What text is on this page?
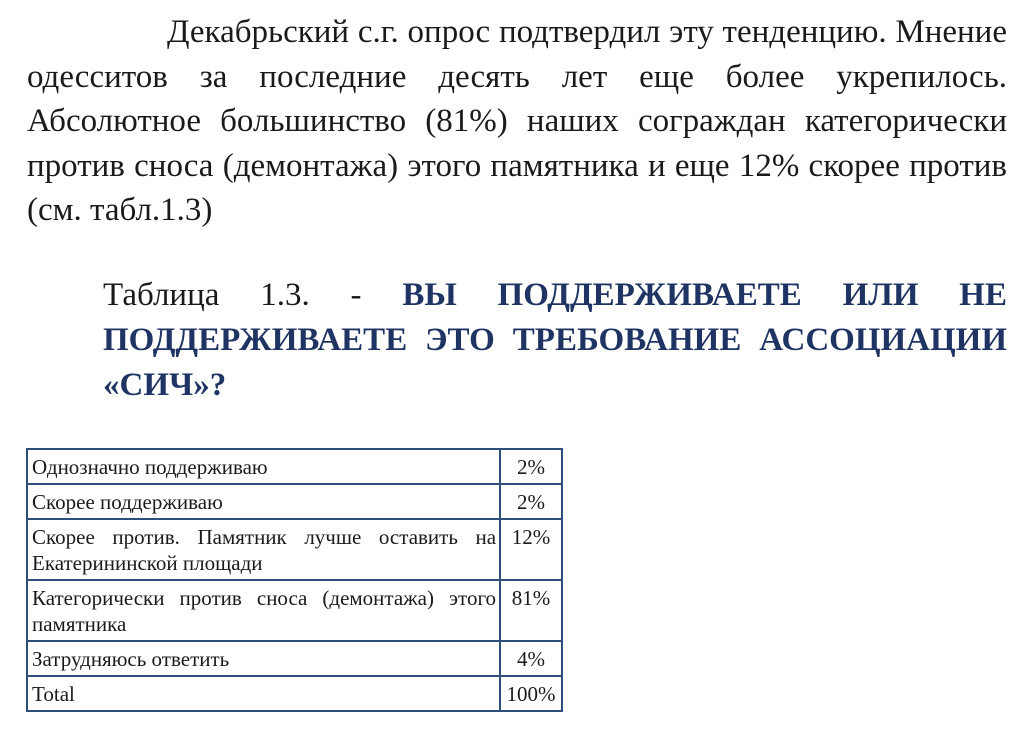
Декабрьский с.г. опрос подтвердил эту тенденцию. Мнение одесситов за последние десять лет еще более укрепилось. Абсолютное большинство (81%) наших сограждан категорически против сноса (демонтажа) этого памятника и еще 12% скорее против (см. табл.1.3)

Таблица 1.3. - ВЫ ПОДДЕРЖИВАЕТЕ ИЛИ НЕ ПОДДЕРЖИВАЕТЕ ЭТО ТРЕБОВАНИЕ АССОЦИАЦИИ «СИЧ»?

Однозначно поддерживаю	2%
Скорее поддерживаю	2%
Скорее против. Памятник лучше оставить на Екатерининской площади	12%
Категорически против сноса (демонтажа) этого памятника	81%
Затрудняюсь ответить	4%
Total	100%
